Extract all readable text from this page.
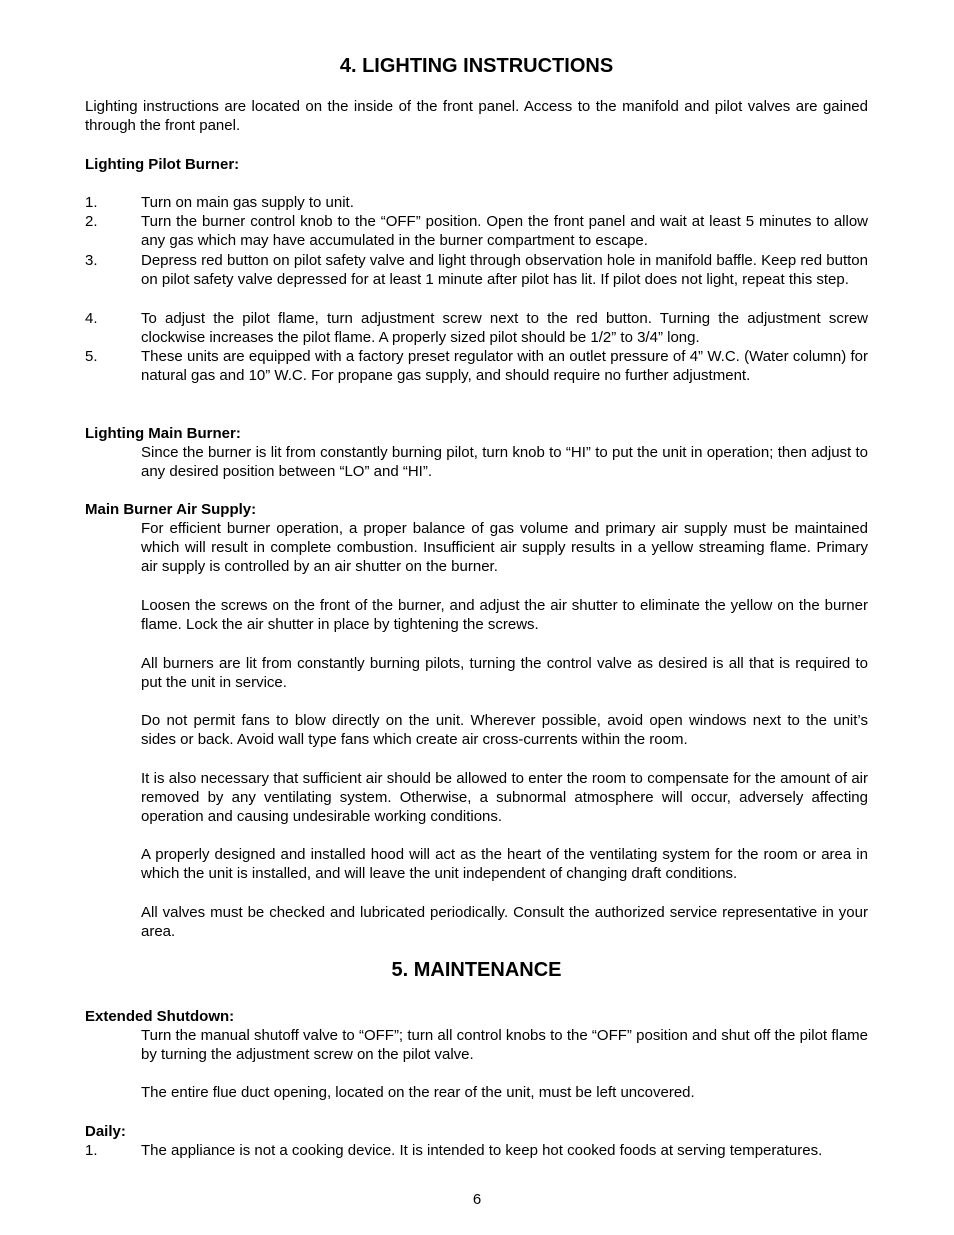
4. LIGHTING INSTRUCTIONS
Lighting instructions are located on the inside of the front panel. Access to the manifold and pilot valves are gained through the front panel.
Lighting Pilot Burner:
1.	Turn on main gas supply to unit.
2.	Turn the burner control knob to the “OFF” position. Open the front panel and wait at least 5 minutes to allow any gas which may have accumulated in the burner compartment to escape.
3.	Depress red button on pilot safety valve and light through observation hole in manifold baffle. Keep red button on pilot safety valve depressed for at least 1 minute after pilot has lit. If pilot does not light, repeat this step.
4.	To adjust the pilot flame, turn adjustment screw next to the red button. Turning the adjustment screw clockwise increases the pilot flame. A properly sized pilot should be 1/2” to 3/4” long.
5.	These units are equipped with a factory preset regulator with an outlet pressure of 4” W.C. (Water column) for natural gas and 10” W.C. For propane gas supply, and should require no further adjustment.
Lighting Main Burner:
Since the burner is lit from constantly burning pilot, turn knob to “HI” to put the unit in operation; then adjust to any desired position between “LO” and “HI”.
Main Burner Air Supply:
For efficient burner operation, a proper balance of gas volume and primary air supply must be maintained which will result in complete combustion. Insufficient air supply results in a yellow streaming flame. Primary air supply is controlled by an air shutter on the burner.
Loosen the screws on the front of the burner, and adjust the air shutter to eliminate the yellow on the burner flame. Lock the air shutter in place by tightening the screws.
All burners are lit from constantly burning pilots, turning the control valve as desired is all that is required to put the unit in service.
Do not permit fans to blow directly on the unit. Wherever possible, avoid open windows next to the unit’s sides or back. Avoid wall type fans which create air cross-currents within the room.
It is also necessary that sufficient air should be allowed to enter the room to compensate for the amount of air removed by any ventilating system. Otherwise, a subnormal atmosphere will occur, adversely affecting operation and causing undesirable working conditions.
A properly designed and installed hood will act as the heart of the ventilating system for the room or area in which the unit is installed, and will leave the unit independent of changing draft conditions.
All valves must be checked and lubricated periodically. Consult the authorized service representative in your area.
5. MAINTENANCE
Extended Shutdown:
Turn the manual shutoff valve to “OFF”; turn all control knobs to the “OFF” position and shut off the pilot flame by turning the adjustment screw on the pilot valve.
The entire flue duct opening, located on the rear of the unit, must be left uncovered.
Daily:
1.	The appliance is not a cooking device. It is intended to keep hot cooked foods at serving temperatures.
6
